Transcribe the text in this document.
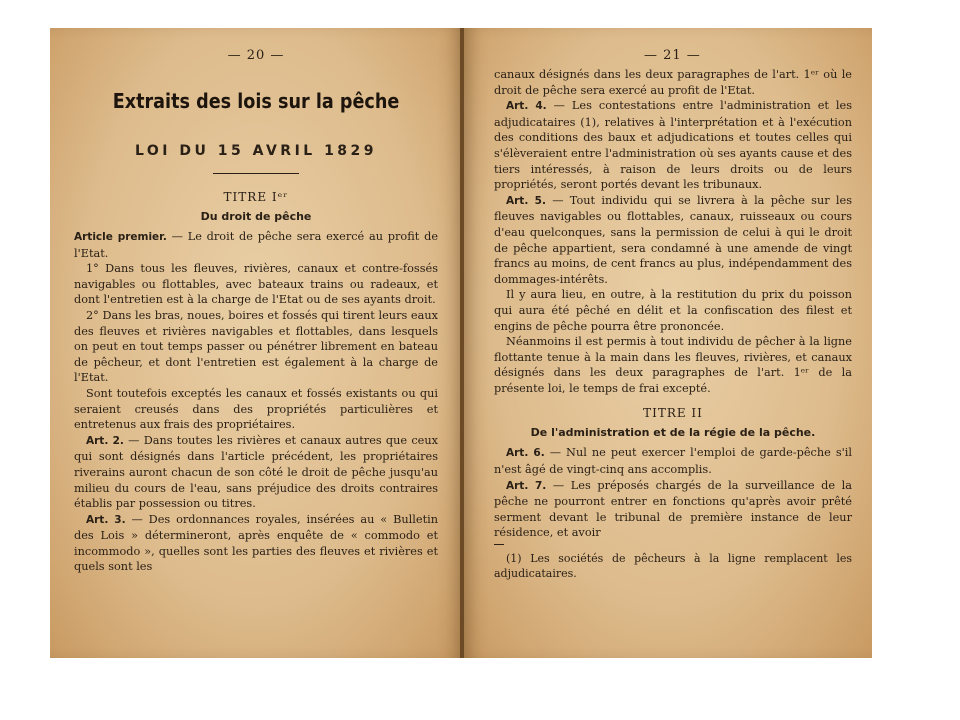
— 20 —
Extraits des lois sur la pêche
LOI DU 15 AVRIL 1829
TITRE Iᵉʳ
Du droit de pêche

Article premier. — Le droit de pêche sera exercé au profit de l'Etat.

1° Dans tous les fleuves, rivières, canaux et contre-fossés navigables ou flottables, avec bateaux trains ou radeaux, et dont l'entretien est à la charge de l'Etat ou de ses ayants droit.

2° Dans les bras, noues, boires et fossés qui tirent leurs eaux des fleuves et rivières navigables et flottables, dans lesquels on peut en tout temps passer ou pénétrer librement en bateau de pêcheur, et dont l'entretien est également à la charge de l'Etat.

Sont toutefois exceptés les canaux et fossés existants ou qui seraient creusés dans des propriétés particulières et entretenus aux frais des propriétaires.

Art. 2. — Dans toutes les rivières et canaux autres que ceux qui sont désignés dans l'article précédent, les propriétaires riverains auront chacun de son côté le droit de pêche jusqu'au milieu du cours de l'eau, sans préjudice des droits contraires établis par possession ou titres.

Art. 3. — Des ordonnances royales, insérées au « Bulletin des Lois » détermineront, après enquête de « commodo et incommodo », quelles sont les parties des fleuves et rivières et quels sont les

— 21 —

canaux désignés dans les deux paragraphes de l'art. 1ᵉʳ où le droit de pêche sera exercé au profit de l'Etat.

Art. 4. — Les contestations entre l'administration et les adjudicataires (1), relatives à l'interprétation et à l'exécution des conditions des baux et adjudications et toutes celles qui s'élèveraient entre l'administration où ses ayants cause et des tiers intéressés, à raison de leurs droits ou de leurs propriétés, seront portés devant les tribunaux.

Art. 5. — Tout individu qui se livrera à la pêche sur les fleuves navigables ou flottables, canaux, ruisseaux ou cours d'eau quelconques, sans la permission de celui à qui le droit de pêche appartient, sera condamné à une amende de vingt francs au moins, de cent francs au plus, indépendamment des dommages-intérêts.

Il y aura lieu, en outre, à la restitution du prix du poisson qui aura été pêché en délit et la confiscation des filest et engins de pêche pourra être prononcée.

Néanmoins il est permis à tout individu de pêcher à la ligne flottante tenue à la main dans les fleuves, rivières, et canaux désignés dans les deux paragraphes de l'art. 1ᵉʳ de la présente loi, le temps de frai excepté.

TITRE II
De l'administration et de la régie de la pêche.

Art. 6. — Nul ne peut exercer l'emploi de garde-pêche s'il n'est âgé de vingt-cinq ans accomplis.

Art. 7. — Les préposés chargés de la surveillance de la pêche ne pourront entrer en fonctions qu'après avoir prêté serment devant le tribunal de première instance de leur résidence, et avoir

(1) Les sociétés de pêcheurs à la ligne remplacent les adjudicataires.
